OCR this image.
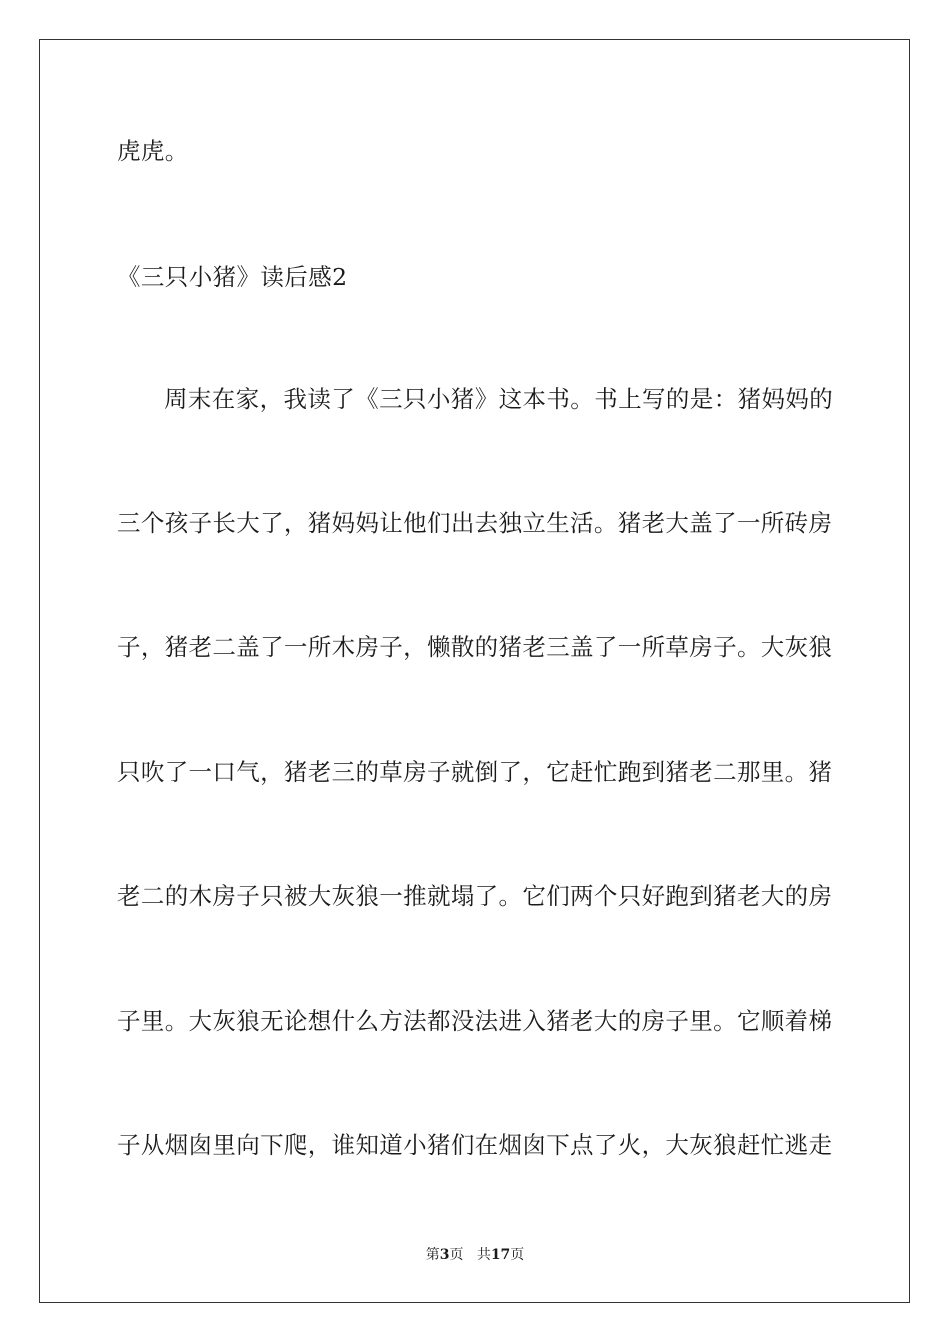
虎虎。
《三只小猪》读后感2
周末在家，我读了《三只小猪》这本书。书上写的是：猪妈妈的
三个孩子长大了，猪妈妈让他们出去独立生活。猪老大盖了一所砖房
子，猪老二盖了一所木房子，懒散的猪老三盖了一所草房子。大灰狼
只吹了一口气，猪老三的草房子就倒了，它赶忙跑到猪老二那里。猪
老二的木房子只被大灰狼一推就塌了。它们两个只好跑到猪老大的房
子里。大灰狼无论想什么方法都没法进入猪老大的房子里。它顺着梯
子从烟囱里向下爬，谁知道小猪们在烟囱下点了火，大灰狼赶忙逃走
第3页 共17页
